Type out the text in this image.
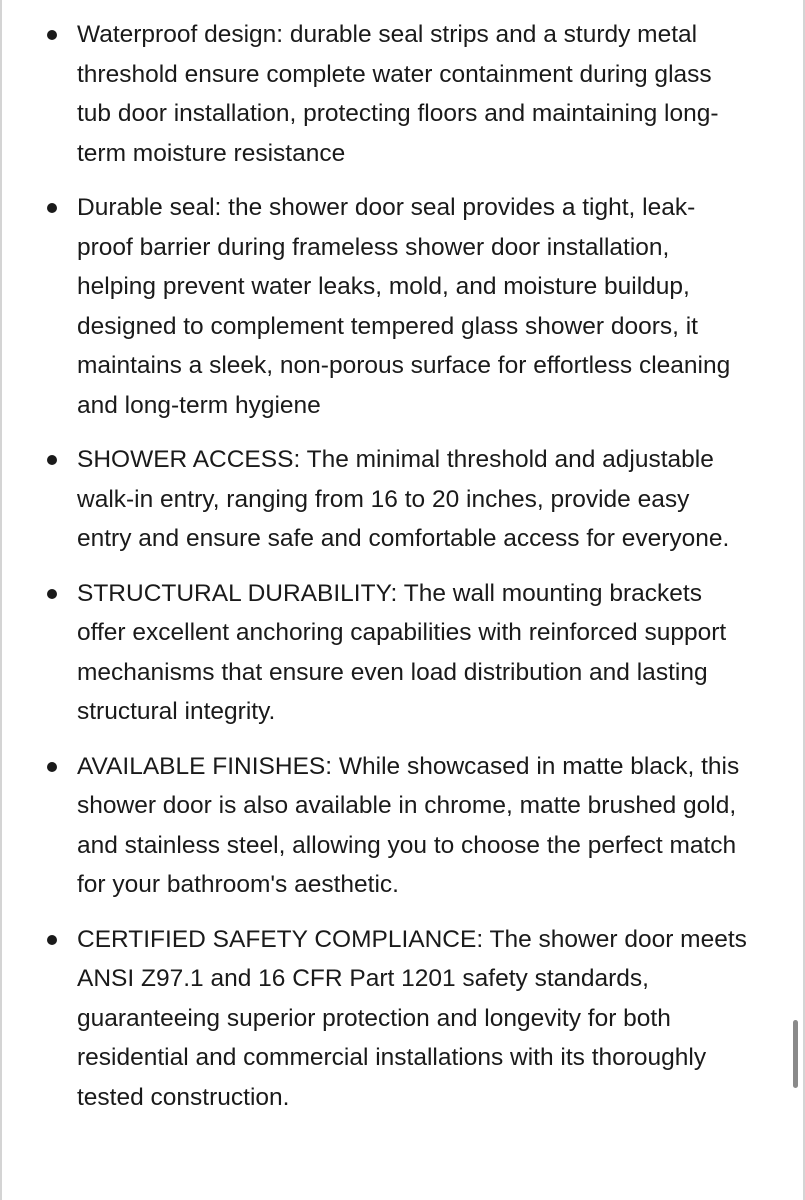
Waterproof design: durable seal strips and a sturdy metal threshold ensure complete water containment during glass tub door installation, protecting floors and maintaining long-term moisture resistance
Durable seal: the shower door seal provides a tight, leak-proof barrier during frameless shower door installation, helping prevent water leaks, mold, and moisture buildup, designed to complement tempered glass shower doors, it maintains a sleek, non-porous surface for effortless cleaning and long-term hygiene
SHOWER ACCESS: The minimal threshold and adjustable walk-in entry, ranging from 16 to 20 inches, provide easy entry and ensure safe and comfortable access for everyone.
STRUCTURAL DURABILITY: The wall mounting brackets offer excellent anchoring capabilities with reinforced support mechanisms that ensure even load distribution and lasting structural integrity.
AVAILABLE FINISHES: While showcased in matte black, this shower door is also available in chrome, matte brushed gold, and stainless steel, allowing you to choose the perfect match for your bathroom's aesthetic.
CERTIFIED SAFETY COMPLIANCE: The shower door meets ANSI Z97.1 and 16 CFR Part 1201 safety standards, guaranteeing superior protection and longevity for both residential and commercial installations with its thoroughly tested construction.
